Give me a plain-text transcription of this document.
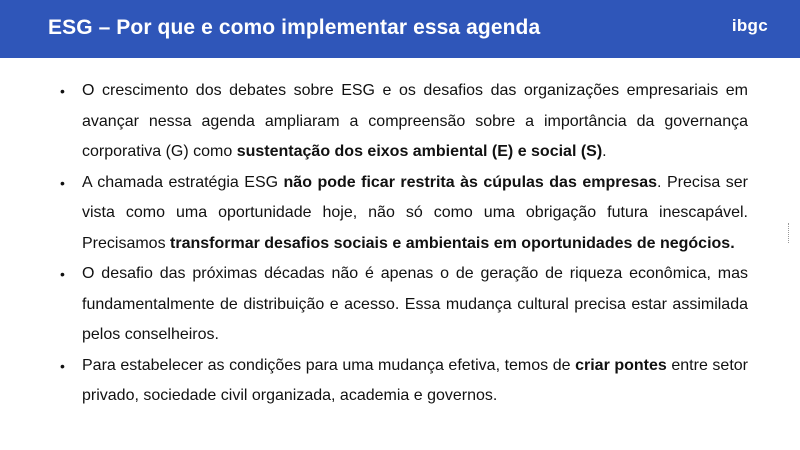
ESG – Por que e como implementar essa agenda	ibgc
• O crescimento dos debates sobre ESG e os desafios das organizações empresariais em avançar nessa agenda ampliaram a compreensão sobre a importância da governança corporativa (G) como sustentação dos eixos ambiental (E) e social (S).
• A chamada estratégia ESG não pode ficar restrita às cúpulas das empresas. Precisa ser vista como uma oportunidade hoje, não só como uma obrigação futura inescapável. Precisamos transformar desafios sociais e ambientais em oportunidades de negócios.
• O desafio das próximas décadas não é apenas o de geração de riqueza econômica, mas fundamentalmente de distribuição e acesso. Essa mudança cultural precisa estar assimilada pelos conselheiros.
• Para estabelecer as condições para uma mudança efetiva, temos de criar pontes entre setor privado, sociedade civil organizada, academia e governos.
